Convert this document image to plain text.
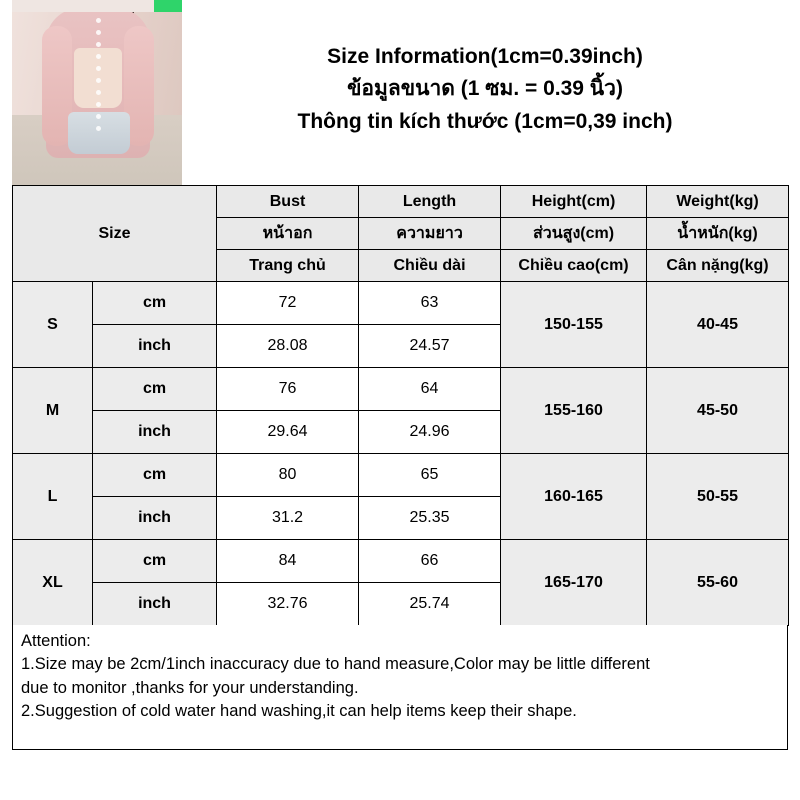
Size Information(1cm=0.39inch)
ข้อมูลขนาด (1 ซม. = 0.39 นิ้ว)
Thông tin kích thước (1cm=0,39 inch)
Size		Bust	Length	Height(cm)	Weight(kg)
		หน้าอก	ความยาว	ส่วนสูง(cm)	น้ำหนัก(kg)
		Trang chủ	Chiều dài	Chiều cao(cm)	Cân nặng(kg)
S	cm	72	63	150-155	40-45
	inch	28.08	24.57		
M	cm	76	64	155-160	45-50
	inch	29.64	24.96		
L	cm	80	65	160-165	50-55
	inch	31.2	25.35		
XL	cm	84	66	165-170	55-60
	inch	32.76	25.74		

Attention:

1.Size may be 2cm/1inch inaccuracy due to hand measure,Color may be little different

due to monitor ,thanks for your understanding.

2.Suggestion of cold water hand washing,it can help items keep their shape.
